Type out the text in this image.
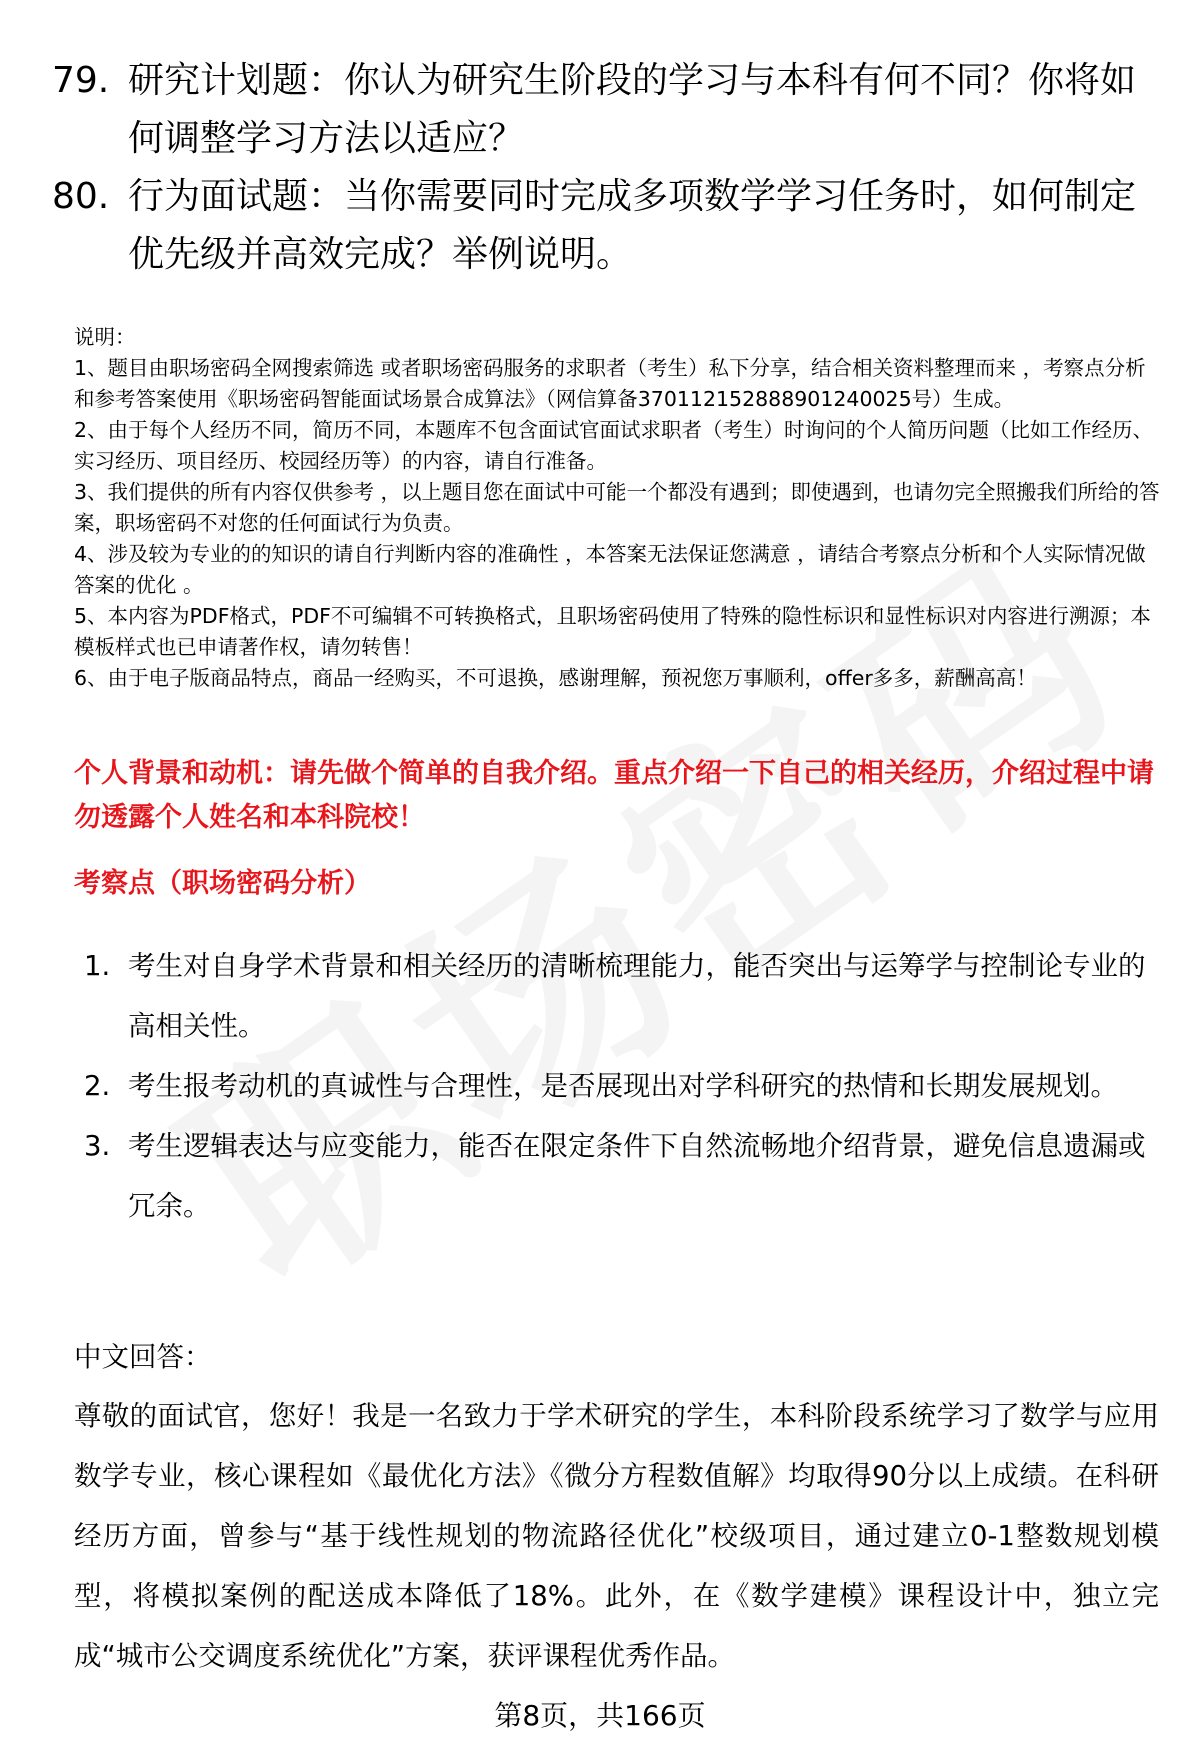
79. 研究计划题：你认为研究生阶段的学习与本科有何不同？你将如何调整学习方法以适应？
80. 行为面试题：当你需要同时完成多项数学学习任务时，如何制定优先级并高效完成？举例说明。

说明：

1、题目由职场密码全网搜索筛选 或者职场密码服务的求职者（考生）私下分享，结合相关资料整理而来 ，考察点分析和参考答案使用《职场密码智能面试场景合成算法》（网信算备370112152888901240025号）生成。

2、由于每个人经历不同，简历不同，本题库不包含面试官面试求职者（考生）时询问的个人简历问题（比如工作经历、实习经历、项目经历、校园经历等）的内容，请自行准备。

3、我们提供的所有内容仅供参考 ，以上题目您在面试中可能一个都没有遇到；即使遇到，也请勿完全照搬我们所给的答案，职场密码不对您的任何面试行为负责。

4、涉及较为专业的的知识的请自行判断内容的准确性 ，本答案无法保证您满意 ，请结合考察点分析和个人实际情况做答案的优化 。

5、本内容为PDF格式，PDF不可编辑不可转换格式，且职场密码使用了特殊的隐性标识和显性标识对内容进行溯源；本模板样式也已申请著作权，请勿转售！

6、由于电子版商品特点，商品一经购买，不可退换，感谢理解，预祝您万事顺利，offer多多，薪酬高高！

个人背景和动机：请先做个简单的自我介绍。重点介绍一下自己的相关经历，介绍过程中请勿透露个人姓名和本科院校！
考察点（职场密码分析）
1. 考生对自身学术背景和相关经历的清晰梳理能力，能否突出与运筹学与控制论专业的高相关性。
2. 考生报考动机的真诚性与合理性，是否展现出对学科研究的热情和长期发展规划。
3. 考生逻辑表达与应变能力，能否在限定条件下自然流畅地介绍背景，避免信息遗漏或冗余。
中文回答：
尊敬的面试官，您好！我是一名致力于学术研究的学生，本科阶段系统学习了数学与应用数学专业，核心课程如《最优化方法》《微分方程数值解》均取得90分以上成绩。在科研经历方面，曾参与“基于线性规划的物流路径优化”校级项目，通过建立0-1整数规划模型，将模拟案例的配送成本降低了18%。此外，在《数学建模》课程设计中，独立完成“城市公交调度系统优化”方案，获评课程优秀作品。
第8页，共166页
